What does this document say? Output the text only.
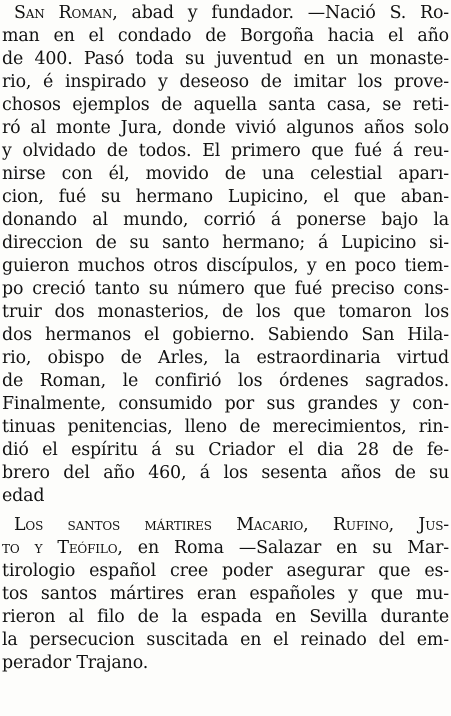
San Roman, abad y fundador. —Nació S. Ro-

man en el condado de Borgoña hacia el año

de 400. Pasó toda su juventud en un monaste-

rio, é inspirado y deseoso de imitar los prove-

chosos ejemplos de aquella santa casa, se reti-

ró al monte Jura, donde vivió algunos años solo

y olvidado de todos. El primero que fué á reu-

nirse con él, movido de una celestial aparı-

cion, fué su hermano Lupicino, el que aban-

donando al mundo, corrió á ponerse bajo la

direccion de su santo hermano; á Lupicino si-

guieron muchos otros discípulos, y en poco tiem-

po creció tanto su número que fué preciso cons-

truir dos monasterios, de los que tomaron los

dos hermanos el gobierno. Sabiendo San Hila-

rio, obispo de Arles, la estraordinaria virtud

de Roman, le confirió los órdenes sagrados.

Finalmente, consumido por sus grandes y con-

tinuas penitencias, lleno de merecimientos, rin-

dió el espíritu á su Criador el dia 28 de fe-

brero del año 460, á los sesenta años de su

edad

Los santos mártires Macario, Rufino, Jus-

to y Teófilo, en Roma —Salazar en su Mar-

tirologio español cree poder asegurar que es-

tos santos mártires eran españoles y que mu-

rieron al filo de la espada en Sevilla durante

la persecucion suscitada en el reinado del em-

perador Trajano.
